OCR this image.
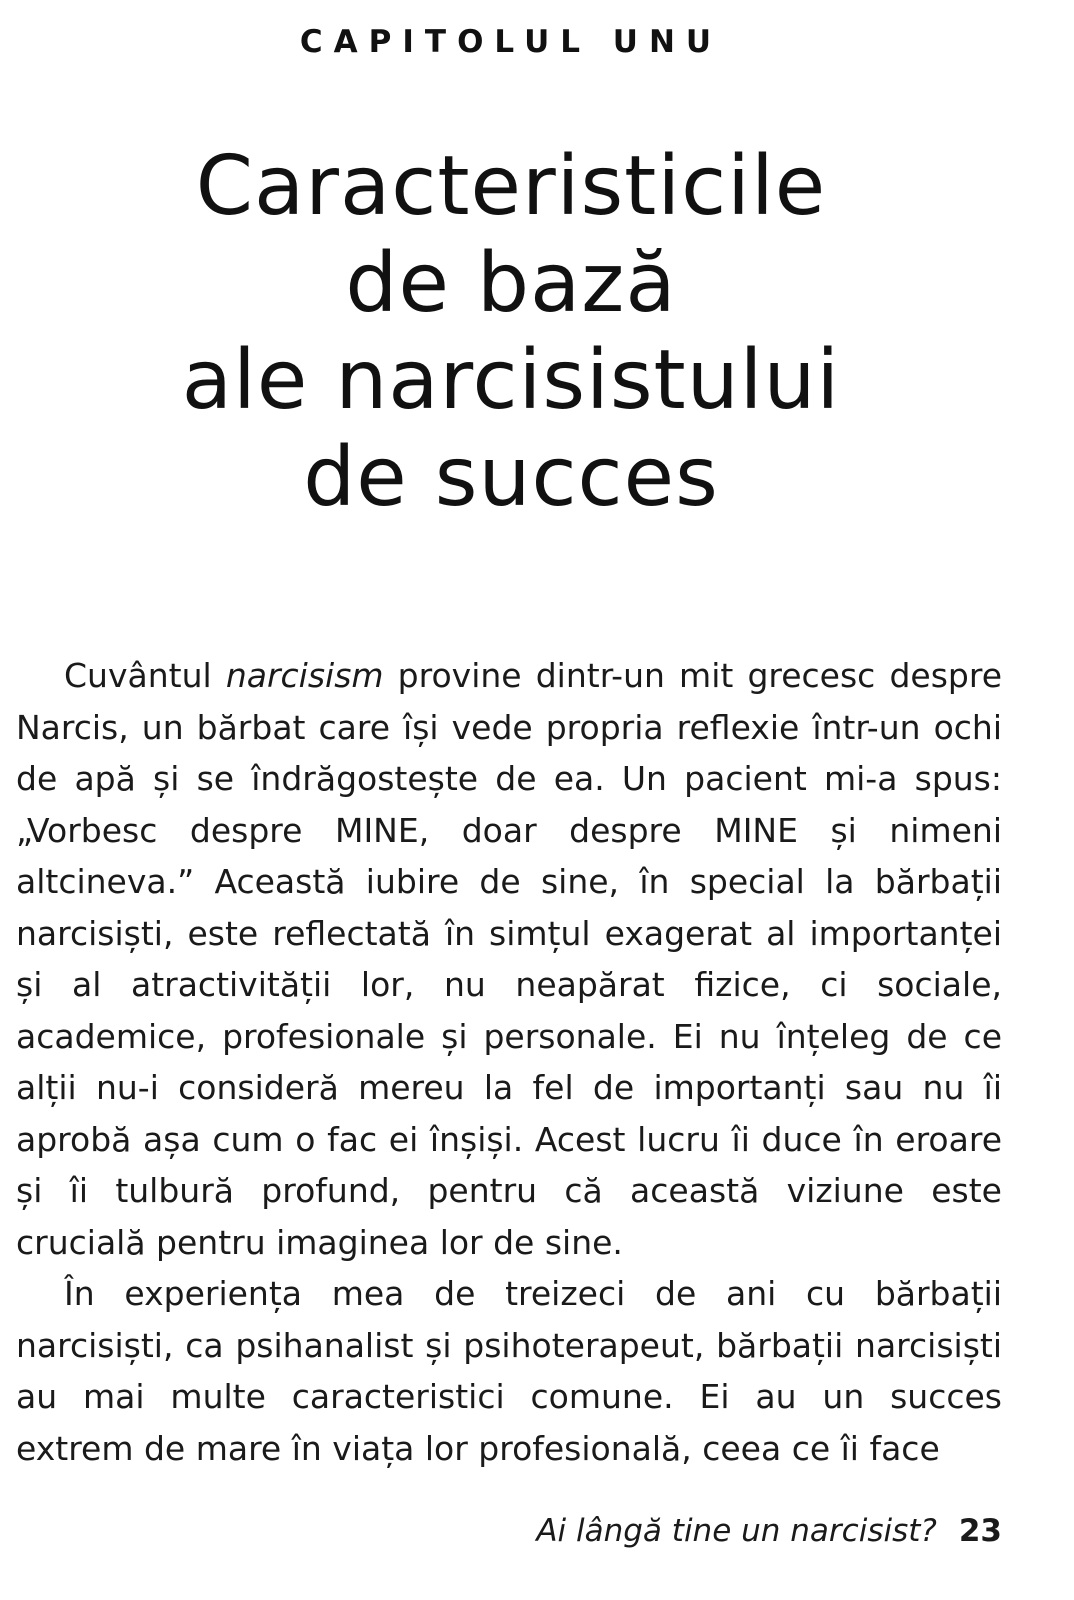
CAPITOLUL UNU
Caracteristicile
de bază
ale narcisistului
de succes

Cuvântul narcisism provine dintr-un mit grecesc despre Narcis, un bărbat care își vede propria reflexie într-un ochi de apă și se îndrăgostește de ea. Un pacient mi-a spus: „Vorbesc despre MINE, doar despre MINE și nimeni altcineva.” Această iubire de sine, în special la bărbații narcisiști, este reflectată în simțul exagerat al importanței și al atractivității lor, nu neapărat fizice, ci sociale, academice, profesionale și personale. Ei nu înțeleg de ce alții nu-i consideră mereu la fel de importanți sau nu îi aprobă așa cum o fac ei înșiși. Acest lucru îi duce în eroare și îi tulbură profund, pentru că această viziune este crucială pentru imaginea lor de sine.

În experiența mea de treizeci de ani cu bărbații narcisiști, ca psihanalist și psihoterapeut, bărbații narcisiști au mai multe caracteristici comune. Ei au un succes extrem de mare în viața lor profesională, ceea ce îi face

Ai lângă tine un narcisist? 23
